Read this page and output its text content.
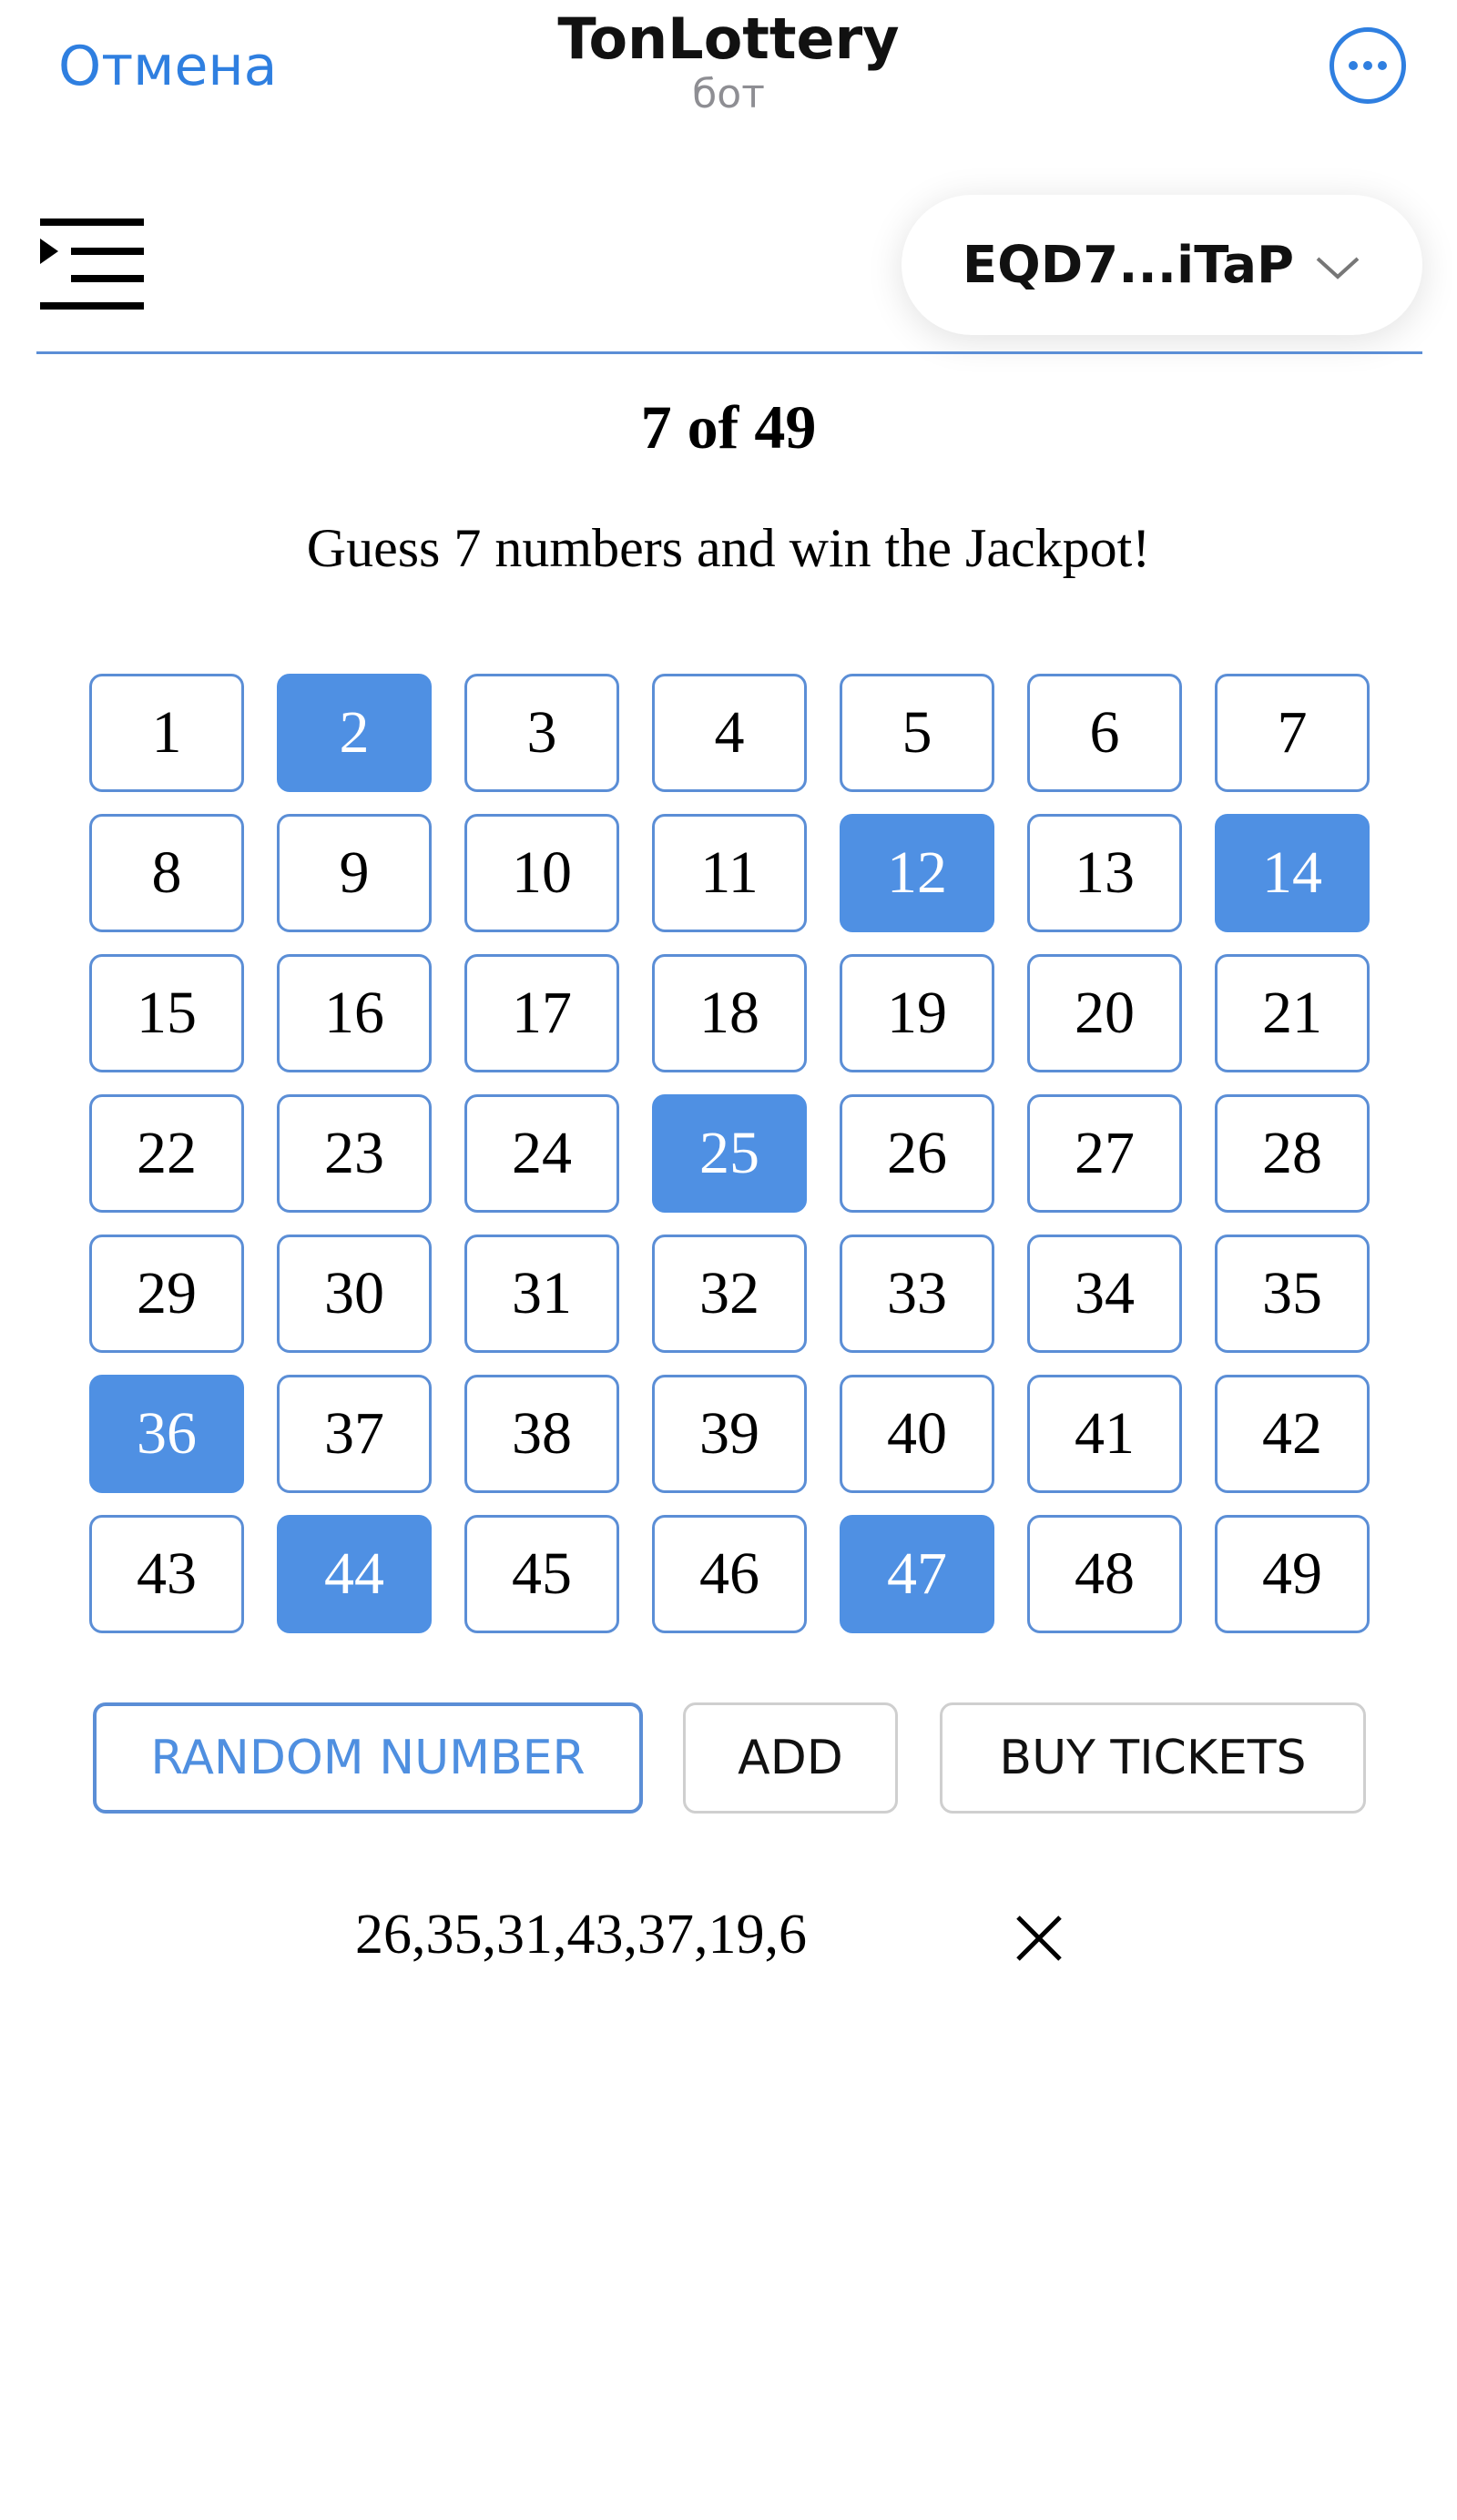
Отмена	TonLottery
бот
EQD7...iTaP
7 of 49
Guess 7 numbers and win the Jackpot!
1	2	3	4	5	6	7
8	9	10	11	12	13	14
15	16	17	18	19	20	21
22	23	24	25	26	27	28
29	30	31	32	33	34	35
36	37	38	39	40	41	42
43	44	45	46	47	48	49
RANDOM NUMBER	ADD	BUY TICKETS
26,35,31,43,37,19,6
